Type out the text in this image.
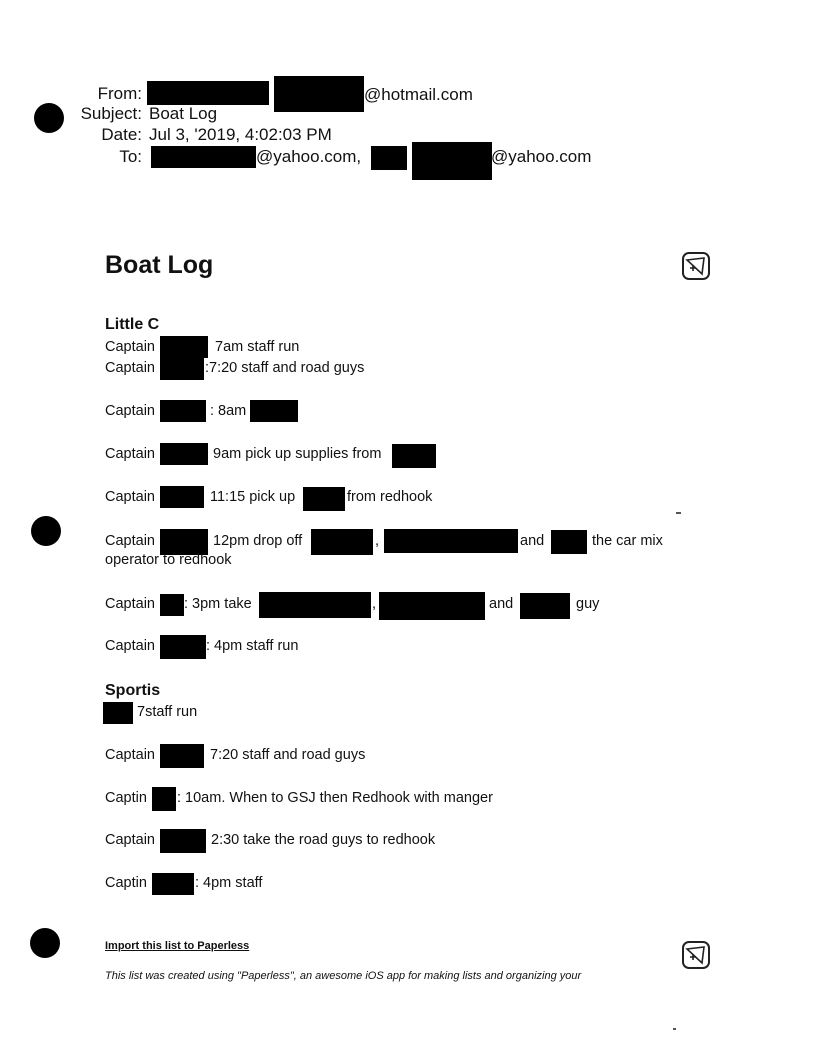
From:	@hotmail.com
Subject: Boat Log
Date: Jul 3, '2019, 4:02:03 PM
To:	@yahoo.com,	@yahoo.com
Boat Log
Little C
Captain	7am staff run
Captain	:7:20 staff and road guys
Captain	: 8am
Captain	9am pick up supplies from
Captain	11:15 pick up	from redhook
Captain	12pm drop off	,	and	the car mix
operator to redhook
Captain : 3pm take	,	and	guy
Captain	: 4pm staff run
Sportis
7staff run
Captain	7:20 staff and road guys
Captin : 10am. When to GSJ then Redhook with manger
Captain	2:30 take the road guys to redhook
Captin	: 4pm staff
Import this list to Paperless
This list was created using "Paperless", an awesome iOS app for making lists and organizing your
